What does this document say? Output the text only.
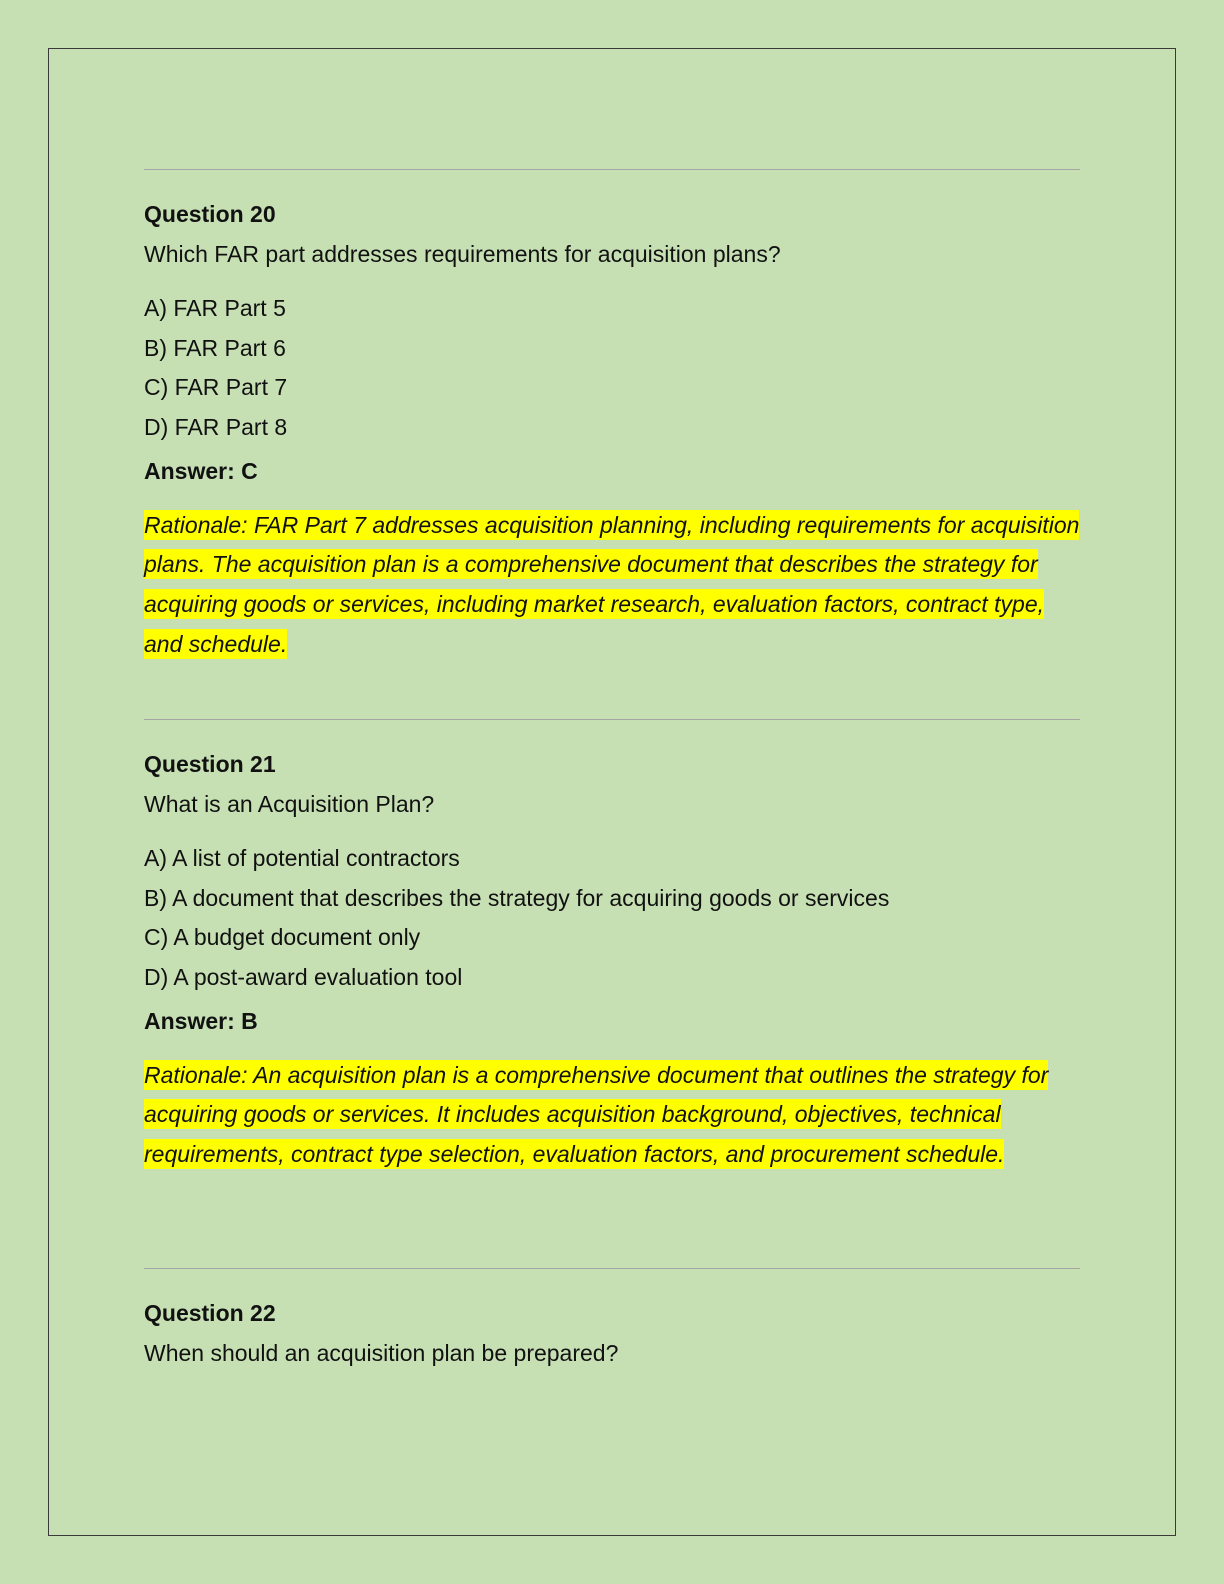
Question 20

Which FAR part addresses requirements for acquisition plans?

A) FAR Part 5
B) FAR Part 6
C) FAR Part 7
D) FAR Part 8

Answer: C

Rationale: FAR Part 7 addresses acquisition planning, including requirements for acquisition plans. The acquisition plan is a comprehensive document that describes the strategy for acquiring goods or services, including market research, evaluation factors, contract type, and schedule.

Question 21

What is an Acquisition Plan?

A) A list of potential contractors
B) A document that describes the strategy for acquiring goods or services
C) A budget document only
D) A post-award evaluation tool

Answer: B

Rationale: An acquisition plan is a comprehensive document that outlines the strategy for acquiring goods or services. It includes acquisition background, objectives, technical requirements, contract type selection, evaluation factors, and procurement schedule.

Question 22

When should an acquisition plan be prepared?
